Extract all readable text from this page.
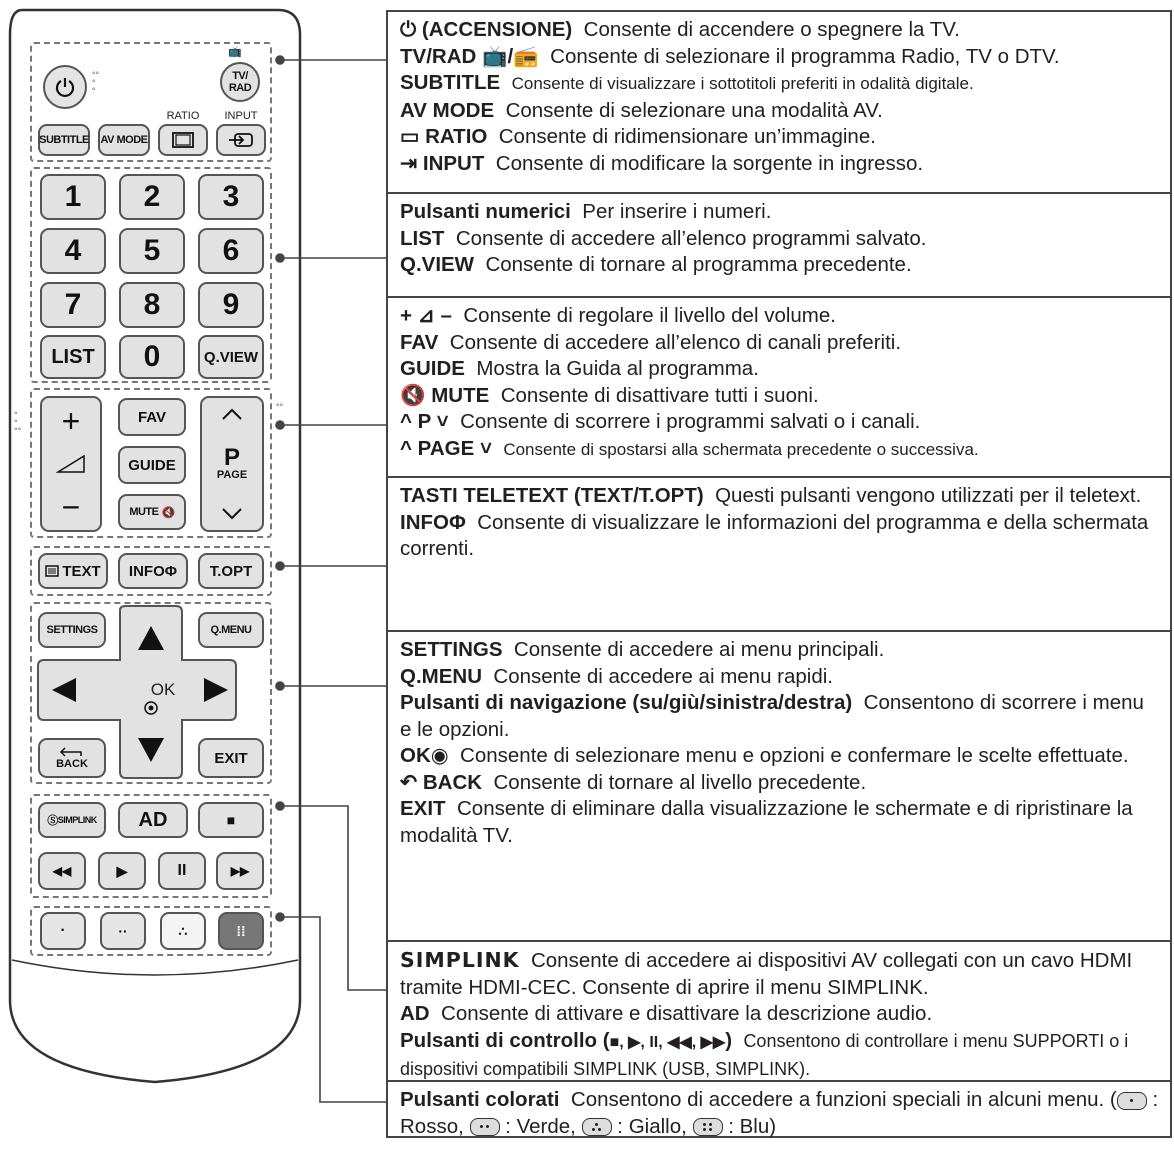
◦◦
◦
◦
📺
TV/
RAD
SUBTITLE AV MODE
RATIO	INPUT
1	2	3
4	5	6
7	8	9
LIST	0	Q.VIEW
◦
◦
◦◦
◦◦
+
−
FAV
GUIDE
MUTE 🔇
P
PAGE
TEXT INFO Φ	T.OPT
SETTINGS	Q.MENU
OK
BACK	EXIT
Ⓢ SIMPLINK	AD	■
◀◀	▶	II	▶▶
·	··	∴	⁞⁞
⏻ (ACCENSIONE) Consente di accendere o spegnere la TV.
TV/RAD 📺/📻 Consente di selezionare il programma Radio, TV o DTV.
SUBTITLE Consente di visualizzare i sottotitoli preferiti in odalità digitale.
AV MODE Consente di selezionare una modalità AV.
▭ RATIO Consente di ridimensionare un’immagine.
⇥ INPUT Consente di modificare la sorgente in ingresso.
Pulsanti numerici Per inserire i numeri.
LIST Consente di accedere all’elenco programmi salvato.
Q.VIEW Consente di tornare al programma precedente.
+ ⊿ – Consente di regolare il livello del volume.
FAV Consente di accedere all’elenco di canali preferiti.
GUIDE Mostra la Guida al programma.
🔇 MUTE Consente di disattivare tutti i suoni.
^ P ˅ Consente di scorrere i programmi salvati o i canali.
^ PAGE ˅ Consente di spostarsi alla schermata precedente o successiva.
TASTI TELETEXT (TEXT/T.OPT) Questi pulsanti vengono utilizzati per il teletext.
INFOΦ Consente di visualizzare le informazioni del programma e della schermata correnti.
SETTINGS Consente di accedere ai menu principali.
Q.MENU Consente di accedere ai menu rapidi.
Pulsanti di navigazione (su/giù/sinistra/destra) Consentono di scorrere i menu e le opzioni.
OK◉ Consente di selezionare menu e opzioni e confermare le scelte effettuate.
↶ BACK Consente di tornare al livello precedente.
EXIT Consente di eliminare dalla visualizzazione le schermate e di ripristinare la modalità TV.
SIMPLINK Consente di accedere ai dispositivi AV collegati con un cavo HDMI tramite HDMI-CEC. Consente di aprire il menu SIMPLINK.
AD Consente di attivare e disattivare la descrizione audio.
Pulsanti di controllo (■, ▶, II, ◀◀, ▶▶) Consentono di controllare i menu SUPPORTI o i dispositivi compatibili SIMPLINK (USB, SIMPLINK).
Pulsanti colorati Consentono di accedere a funzioni speciali in alcuni menu. ( : Rosso, : Verde, : Giallo, : Blu)
